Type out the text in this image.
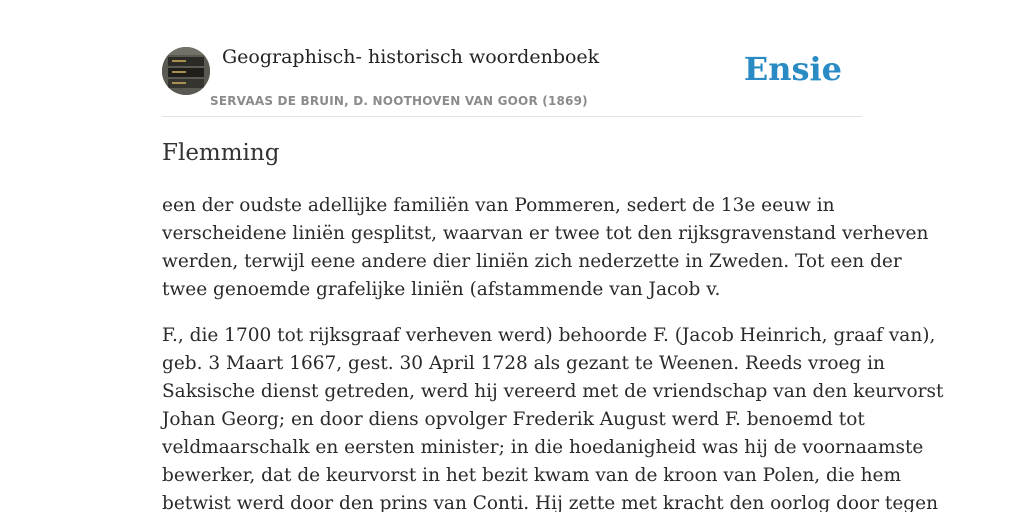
Geographisch- historisch woordenboek
SERVAAS DE BRUIN, D. NOOTHOVEN VAN GOOR (1869)
Ensie
Flemming

een der oudste adellijke familiën van Pommeren, sedert de 13e eeuw in
verscheidene liniën gesplitst, waarvan er twee tot den rijksgravenstand verheven
werden, terwijl eene andere dier liniën zich nederzette in Zweden. Tot een der
twee genoemde grafelijke liniën (afstammende van Jacob v.

F., die 1700 tot rijksgraaf verheven werd) behoorde F. (Jacob Heinrich, graaf van),
geb. 3 Maart 1667, gest. 30 April 1728 als gezant te Weenen. Reeds vroeg in
Saksische dienst getreden, werd hij vereerd met de vriendschap van den keurvorst
Johan Georg; en door diens opvolger Frederik August werd F. benoemd tot
veldmaarschalk en eersten minister; in die hoedanigheid was hij de voornaamste
bewerker, dat de keurvorst in het bezit kwam van de kroon van Polen, die hem
betwist werd door den prins van Conti. Hij zette met kracht den oorlog door tegen
